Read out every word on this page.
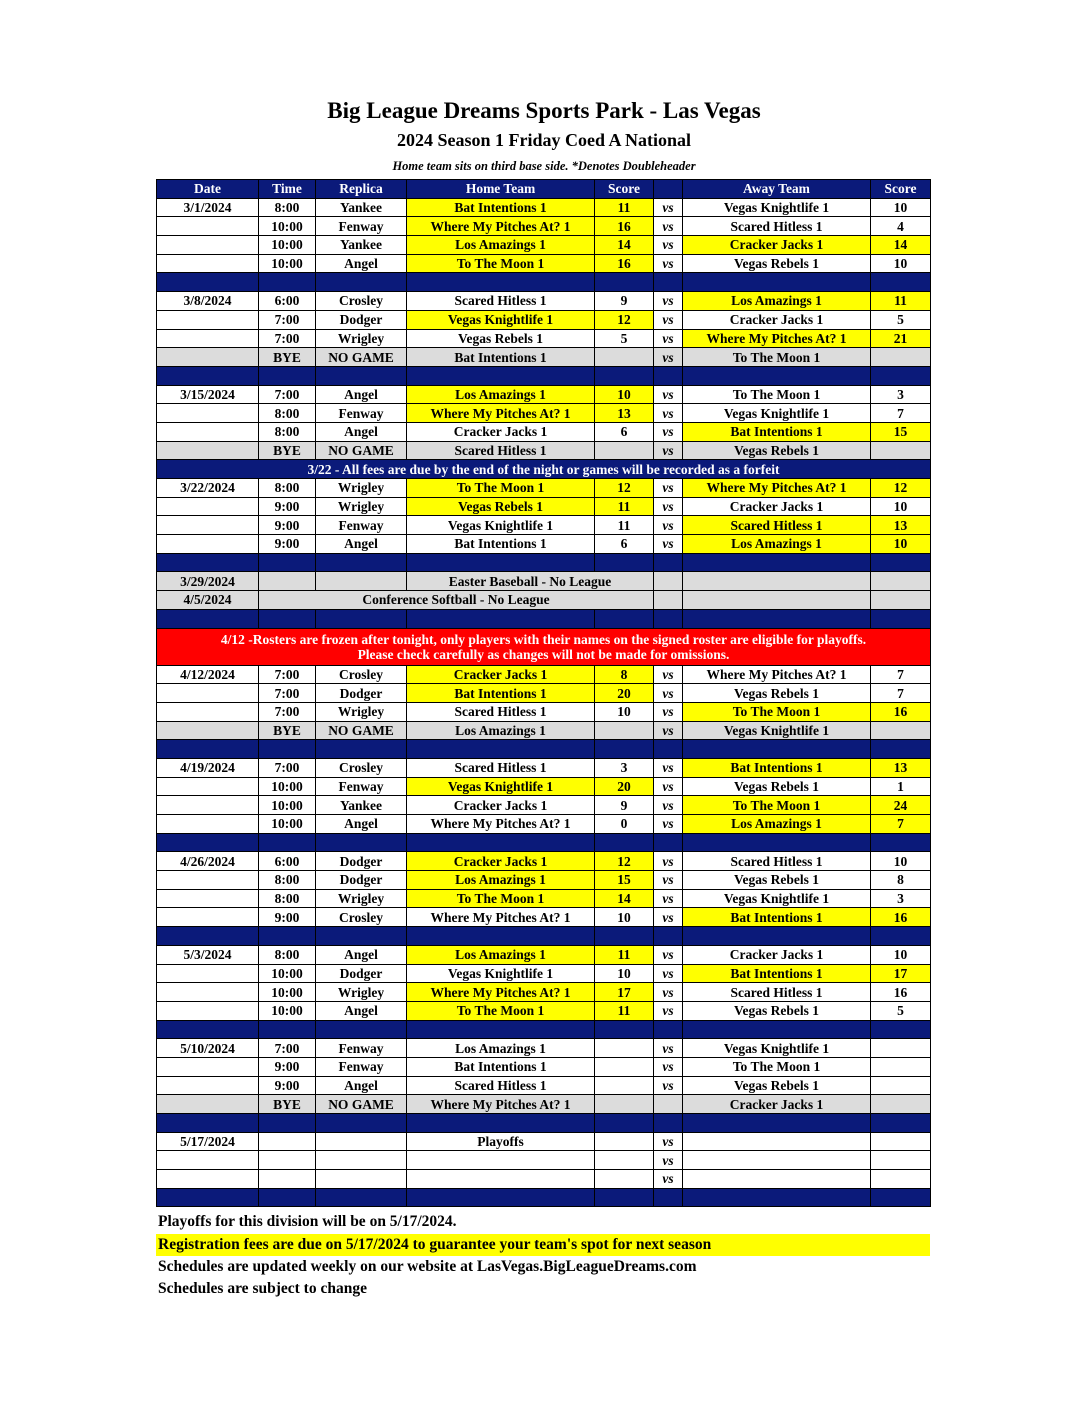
Big League Dreams Sports Park - Las Vegas
2024 Season 1 Friday Coed A National
Home team sits on third base side. *Denotes Doubleheader
Date	Time	Replica	Home Team	Score		Away Team	Score
3/1/2024	8:00	Yankee	Bat Intentions 1	11	vs	Vegas Knightlife 1	10
	10:00	Fenway	Where My Pitches At? 1	16	vs	Scared Hitless 1	4
	10:00	Yankee	Los Amazings 1	14	vs	Cracker Jacks 1	14
	10:00	Angel	To The Moon 1	16	vs	Vegas Rebels 1	10

3/8/2024	6:00	Crosley	Scared Hitless 1	9	vs	Los Amazings 1	11
	7:00	Dodger	Vegas Knightlife 1	12	vs	Cracker Jacks 1	5
	7:00	Wrigley	Vegas Rebels 1	5	vs	Where My Pitches At? 1	21
	BYE	NO GAME	Bat Intentions 1		vs	To The Moon 1	

3/15/2024	7:00	Angel	Los Amazings 1	10	vs	To The Moon 1	3
	8:00	Fenway	Where My Pitches At? 1	13	vs	Vegas Knightlife 1	7
	8:00	Angel	Cracker Jacks 1	6	vs	Bat Intentions 1	15
	BYE	NO GAME	Scared Hitless 1		vs	Vegas Rebels 1	
3/22 - All fees are due by the end of the night or games will be recorded as a forfeit							
3/22/2024	8:00	Wrigley	To The Moon 1	12	vs	Where My Pitches At? 1	12
	9:00	Wrigley	Vegas Rebels 1	11	vs	Cracker Jacks 1	10
	9:00	Fenway	Vegas Knightlife 1	11	vs	Scared Hitless 1	13
	9:00	Angel	Bat Intentions 1	6	vs	Los Amazings 1	10

3/29/2024			Easter Baseball - No League				
4/5/2024	Conference Softball - No League						

4/12 -Rosters are frozen after tonight, only players with their names on the signed roster are eligible for playoffs.
Please check carefully as changes will not be made for omissions.							

4/12/2024	7:00	Crosley	Cracker Jacks 1	8	vs	Where My Pitches At? 1	7
	7:00	Dodger	Bat Intentions 1	20	vs	Vegas Rebels 1	7
	7:00	Wrigley	Scared Hitless 1	10	vs	To The Moon 1	16
	BYE	NO GAME	Los Amazings 1		vs	Vegas Knightlife 1	

4/19/2024	7:00	Crosley	Scared Hitless 1	3	vs	Bat Intentions 1	13
	10:00	Fenway	Vegas Knightlife 1	20	vs	Vegas Rebels 1	1
	10:00	Yankee	Cracker Jacks 1	9	vs	To The Moon 1	24
	10:00	Angel	Where My Pitches At? 1	0	vs	Los Amazings 1	7

4/26/2024	6:00	Dodger	Cracker Jacks 1	12	vs	Scared Hitless 1	10
	8:00	Dodger	Los Amazings 1	15	vs	Vegas Rebels 1	8
	8:00	Wrigley	To The Moon 1	14	vs	Vegas Knightlife 1	3
	9:00	Crosley	Where My Pitches At? 1	10	vs	Bat Intentions 1	16

5/3/2024	8:00	Angel	Los Amazings 1	11	vs	Cracker Jacks 1	10
	10:00	Dodger	Vegas Knightlife 1	10	vs	Bat Intentions 1	17
	10:00	Wrigley	Where My Pitches At? 1	17	vs	Scared Hitless 1	16
	10:00	Angel	To The Moon 1	11	vs	Vegas Rebels 1	5

5/10/2024	7:00	Fenway	Los Amazings 1		vs	Vegas Knightlife 1	
	9:00	Fenway	Bat Intentions 1		vs	To The Moon 1	
	9:00	Angel	Scared Hitless 1		vs	Vegas Rebels 1	
	BYE	NO GAME	Where My Pitches At? 1			Cracker Jacks 1	

5/17/2024			Playoffs		vs		
					vs		
					vs		

Playoffs for this division will be on 5/17/2024.
Registration fees are due on 5/17/2024 to guarantee your team's spot for next season
Schedules are updated weekly on our website at LasVegas.BigLeagueDreams.com
Schedules are subject to change
